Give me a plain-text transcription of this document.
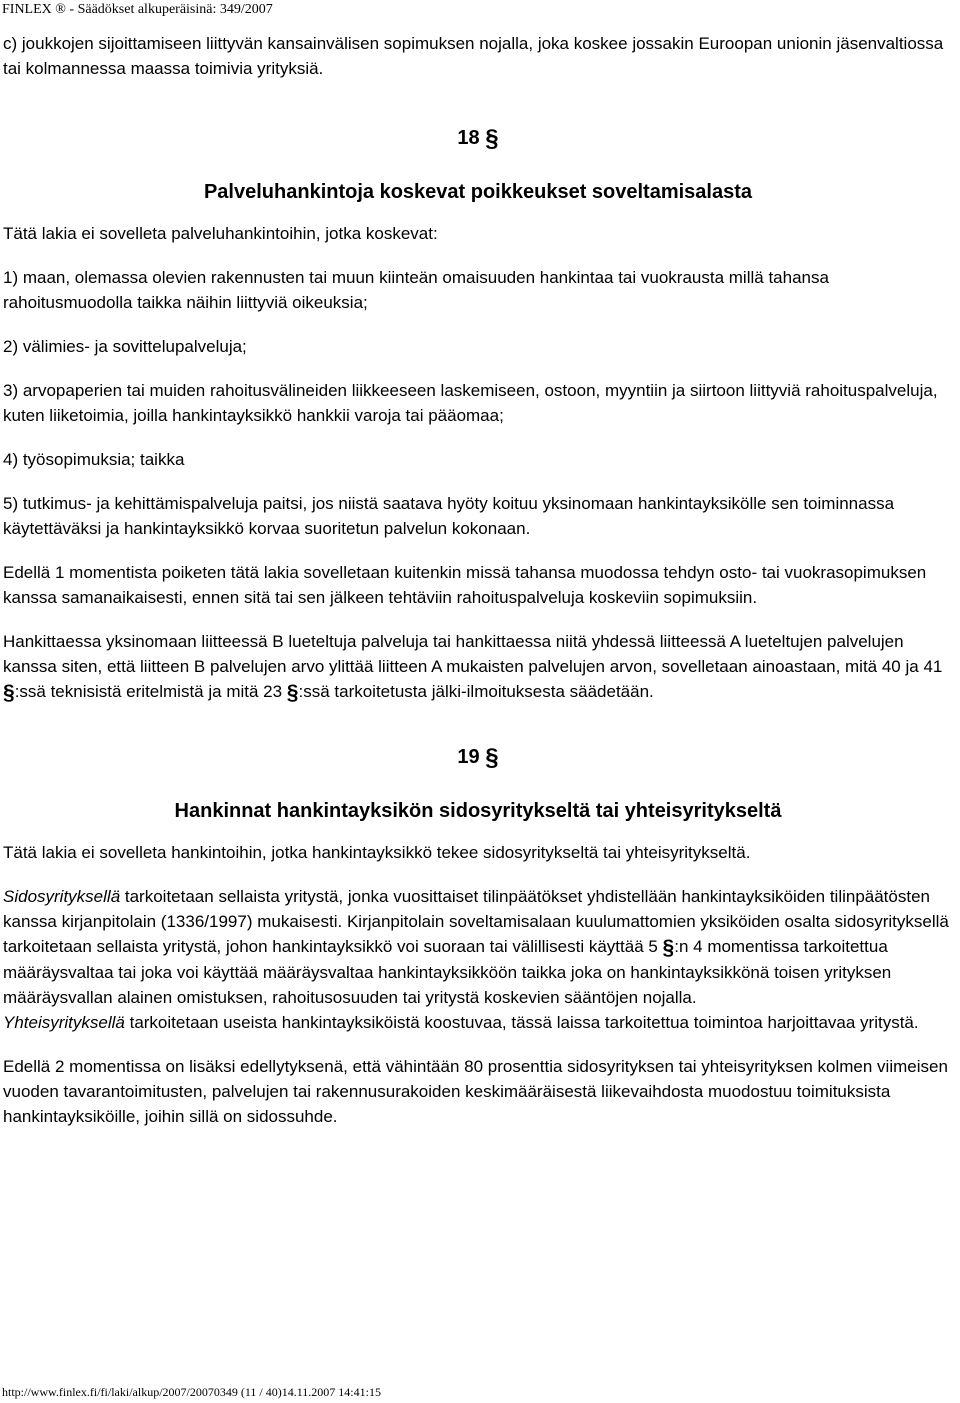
FINLEX ® - Säädökset alkuperäisinä: 349/2007

c) joukkojen sijoittamiseen liittyvän kansainvälisen sopimuksen nojalla, joka koskee jossakin Euroopan unionin jäsenvaltiossa tai kolmannessa maassa toimivia yrityksiä.

18 §
Palveluhankintoja koskevat poikkeukset soveltamisalasta

Tätä lakia ei sovelleta palveluhankintoihin, jotka koskevat:

1) maan, olemassa olevien rakennusten tai muun kiinteän omaisuuden hankintaa tai vuokrausta millä tahansa rahoitusmuodolla taikka näihin liittyviä oikeuksia;

2) välimies- ja sovittelupalveluja;

3) arvopaperien tai muiden rahoitusvälineiden liikkeeseen laskemiseen, ostoon, myyntiin ja siirtoon liittyviä rahoituspalveluja, kuten liiketoimia, joilla hankintayksikkö hankkii varoja tai pääomaa;

4) työsopimuksia; taikka

5) tutkimus- ja kehittämispalveluja paitsi, jos niistä saatava hyöty koituu yksinomaan hankintayksikölle sen toiminnassa käytettäväksi ja hankintayksikkö korvaa suoritetun palvelun kokonaan.

Edellä 1 momentista poiketen tätä lakia sovelletaan kuitenkin missä tahansa muodossa tehdyn osto- tai vuokrasopimuksen kanssa samanaikaisesti, ennen sitä tai sen jälkeen tehtäviin rahoituspalveluja koskeviin sopimuksiin.

Hankittaessa yksinomaan liitteessä B lueteltuja palveluja tai hankittaessa niitä yhdessä liitteessä A lueteltujen palvelujen kanssa siten, että liitteen B palvelujen arvo ylittää liitteen A mukaisten palvelujen arvon, sovelletaan ainoastaan, mitä 40 ja 41 §:ssä teknisistä eritelmistä ja mitä 23 §:ssä tarkoitetusta jälki-ilmoituksesta säädetään.

19 §
Hankinnat hankintayksikön sidosyritykseltä tai yhteisyritykseltä

Tätä lakia ei sovelleta hankintoihin, jotka hankintayksikkö tekee sidosyritykseltä tai yhteisyritykseltä.

Sidosyrityksellä tarkoitetaan sellaista yritystä, jonka vuosittaiset tilinpäätökset yhdistellään hankintayksiköiden tilinpäätösten kanssa kirjanpitolain (1336/1997) mukaisesti. Kirjanpitolain soveltamisalaan kuulumattomien yksiköiden osalta sidosyrityksellä tarkoitetaan sellaista yritystä, johon hankintayksikkö voi suoraan tai välillisesti käyttää 5 §:n 4 momentissa tarkoitettua määräysvaltaa tai joka voi käyttää määräysvaltaa hankintayksikköön taikka joka on hankintayksikkönä toisen yrityksen määräysvallan alainen omistuksen, rahoitusosuuden tai yritystä koskevien sääntöjen nojalla.
Yhteisyrityksellä tarkoitetaan useista hankintayksiköistä koostuvaa, tässä laissa tarkoitettua toimintoa harjoittavaa yritystä.

Edellä 2 momentissa on lisäksi edellytyksenä, että vähintään 80 prosenttia sidosyrityksen tai yhteisyrityksen kolmen viimeisen vuoden tavarantoimitusten, palvelujen tai rakennusurakoiden keskimääräisestä liikevaihdosta muodostuu toimituksista hankintayksiköille, joihin sillä on sidossuhde.

http://www.finlex.fi/fi/laki/alkup/2007/20070349 (11 / 40)14.11.2007 14:41:15
